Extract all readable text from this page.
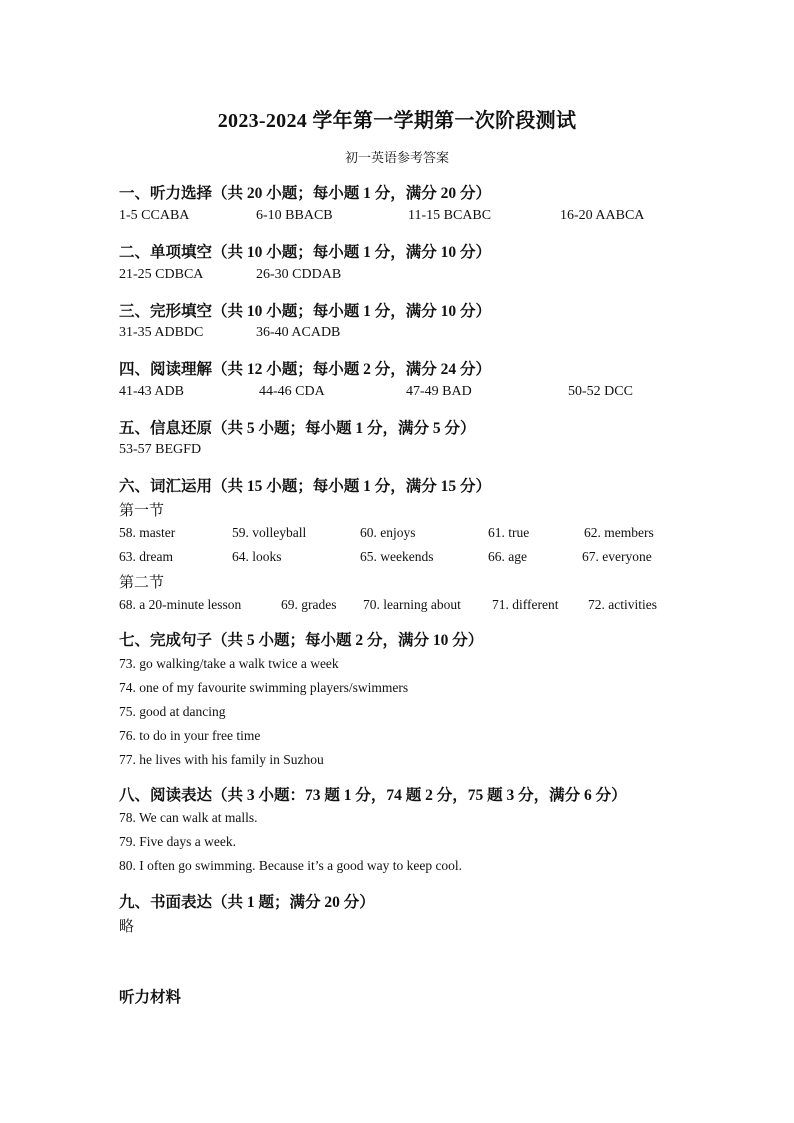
2023-2024 学年第一学期第一次阶段测试
初一英语参考答案
一、听力选择（共 20 小题；每小题 1 分，满分 20 分）
1-5 CCABA	6-10 BBACB	11-15 BCABC	16-20 AABCA
二、单项填空（共 10 小题；每小题 1 分，满分 10 分）
21-25 CDBCA	26-30 CDDAB
三、完形填空（共 10 小题；每小题 1 分，满分 10 分）
31-35 ADBDC	36-40 ACADB
四、阅读理解（共 12 小题；每小题 2 分，满分 24 分）
41-43 ADB	44-46 CDA	47-49 BAD	50-52 DCC
五、信息还原（共 5 小题；每小题 1 分，满分 5 分）
53-57 BEGFD
六、词汇运用（共 15 小题；每小题 1 分，满分 15 分）
第一节
58. master	59. volleyball	60. enjoys	61. true	62. members
63. dream	64. looks	65. weekends	66. age	67. everyone
第二节
68. a 20-minute lesson	69. grades 70. learning about 71. different 72. activities
七、完成句子（共 5 小题；每小题 2 分，满分 10 分）
73. go walking/take a walk twice a week
74. one of my favourite swimming players/swimmers
75. good at dancing
76. to do in your free time
77. he lives with his family in Suzhou
八、阅读表达（共 3 小题：73 题 1 分，74 题 2 分，75 题 3 分，满分 6 分）
78. We can walk at malls.
79. Five days a week.
80. I often go swimming. Because it’s a good way to keep cool.
九、书面表达（共 1 题；满分 20 分）
略
听力材料
